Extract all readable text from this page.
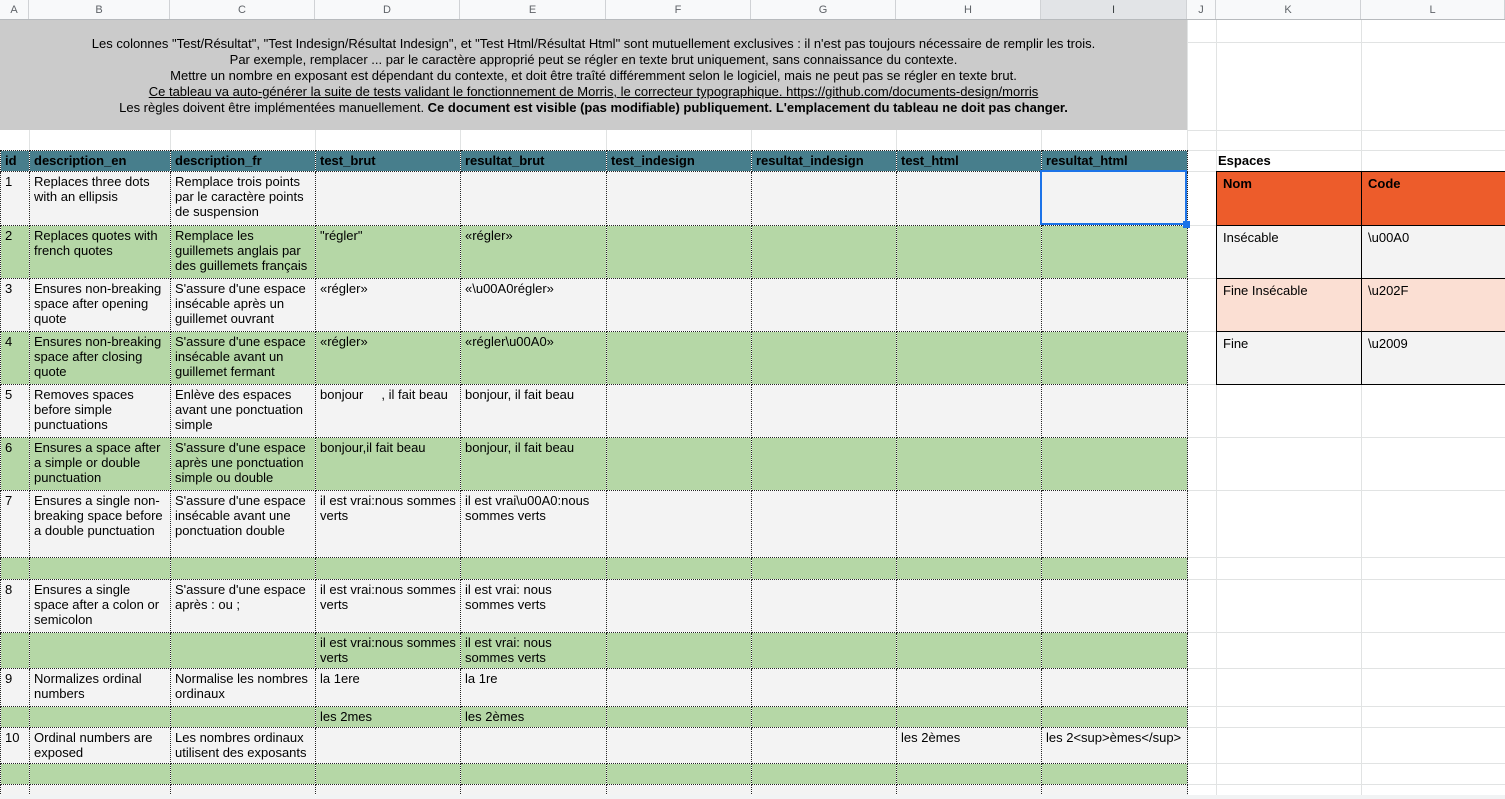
A	B	C	D	E	F	G	H	I	J	K	L
Les colonnes "Test/Résultat", "Test Indesign/Résultat Indesign", et "Test Html/Résultat Html" sont mutuellement exclusives : il n'est pas toujours nécessaire de remplir les trois.
Par exemple, remplacer ... par le caractère approprié peut se régler en texte brut uniquement, sans connaissance du contexte.
Mettre un nombre en exposant est dépendant du contexte, et doit être traîté différemment selon le logiciel, mais ne peut pas se régler en texte brut.
Ce tableau va auto-générer la suite de tests validant le fonctionnement de Morris, le correcteur typographique. https://github.com/documents-design/morris
Les règles doivent être implémentées manuellement. Ce document est visible (pas modifiable) publiquement. L'emplacement du tableau ne doit pas changer.
id	description_en	description_fr	test_brut	resultat_brut	test_indesign	resultat_indesign	test_html	resultat_html
1	Replaces three dots with an ellipsis	Remplace trois points par le caractère points de suspension						
2	Replaces quotes with french quotes	Remplace les guillemets anglais par des guillemets français	"régler"	«régler»				
3	Ensures non-breaking space after opening quote	S'assure d'une espace insécable après un guillemet ouvrant	«régler»	«\u00A0régler»				
4	Ensures non-breaking space after closing quote	S'assure d'une espace insécable avant un guillemet fermant	«régler»	«régler\u00A0»				
5	Removes spaces before simple punctuations	Enlève des espaces avant une ponctuation simple	bonjour     , il fait beau	bonjour, il fait beau				
6	Ensures a space after a simple or double punctuation	S'assure d'une espace après une ponctuation simple ou double	bonjour,il fait beau	bonjour, il fait beau				
7	Ensures a single non-breaking space before a double punctuation	S'assure d'une espace insécable avant une ponctuation double	il est vrai:nous sommes verts	il est vrai\u00A0:nous sommes verts				

8	Ensures a single space after a colon or semicolon	S'assure d'une espace après : ou ;	il est vrai:nous sommes verts	il est vrai: nous sommes verts				
			il est vrai:nous sommes verts	il est vrai: nous sommes verts				
9	Normalizes ordinal numbers	Normalise les nombres ordinaux	la 1ere	la 1re				
			les 2mes	les 2èmes				
10	Ordinal numbers are exposed	Les nombres ordinaux utilisent des exposants					les 2èmes	les 2<sup>èmes</sup>

Espaces
Nom	Code
Insécable	\u00A0
Fine Insécable	\u202F
Fine	\u2009
